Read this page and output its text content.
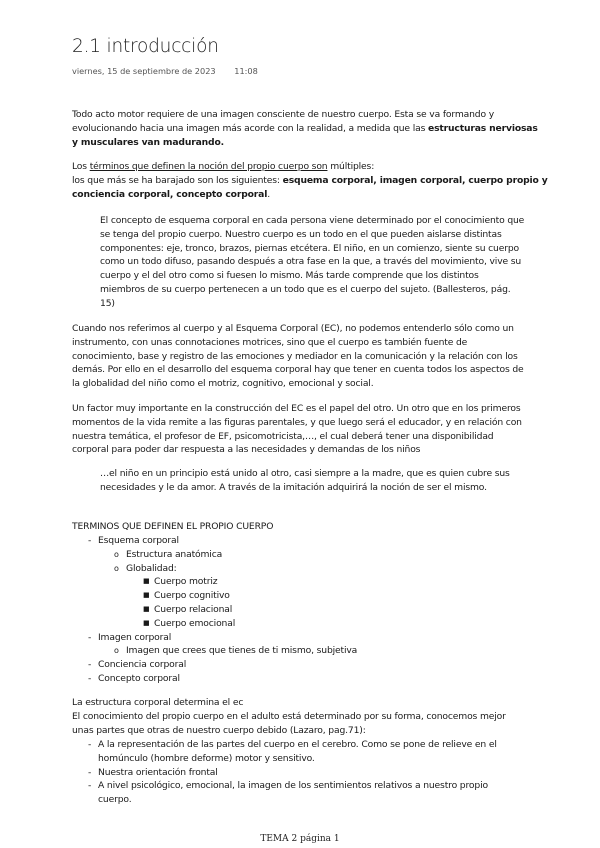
2.1 introducción
viernes, 15 de septiembre de 2023 11:08
Todo acto motor requiere de una imagen consciente de nuestro cuerpo. Esta se va formando y
evolucionando hacia una imagen más acorde con la realidad, a medida que las estructuras nerviosas
y musculares van madurando.
Los términos que definen la noción del propio cuerpo son múltiples:
los que más se ha barajado son los siguientes: esquema corporal, imagen corporal, cuerpo propio y
conciencia corporal, concepto corporal.
El concepto de esquema corporal en cada persona viene determinado por el conocimiento que
se tenga del propio cuerpo. Nuestro cuerpo es un todo en el que pueden aislarse distintas
componentes: eje, tronco, brazos, piernas etcétera. El niño, en un comienzo, siente su cuerpo
como un todo difuso, pasando después a otra fase en la que, a través del movimiento, vive su
cuerpo y el del otro como si fuesen lo mismo. Más tarde comprende que los distintos
miembros de su cuerpo pertenecen a un todo que es el cuerpo del sujeto. (Ballesteros, pág.
15)
Cuando nos referimos al cuerpo y al Esquema Corporal (EC), no podemos entenderlo sólo como un
instrumento, con unas connotaciones motrices, sino que el cuerpo es también fuente de
conocimiento, base y registro de las emociones y mediador en la comunicación y la relación con los
demás. Por ello en el desarrollo del esquema corporal hay que tener en cuenta todos los aspectos de
la globalidad del niño como el motriz, cognitivo, emocional y social.
Un factor muy importante en la construcción del EC es el papel del otro. Un otro que en los primeros
momentos de la vida remite a las figuras parentales, y que luego será el educador, y en relación con
nuestra temática, el profesor de EF, psicomotricista,…, el cual deberá tener una disponibilidad
corporal para poder dar respuesta a las necesidades y demandas de los niños
…el niño en un principio está unido al otro, casi siempre a la madre, que es quien cubre sus
necesidades y le da amor. A través de la imitación adquirirá la noción de ser el mismo.
TERMINOS QUE DEFINEN EL PROPIO CUERPO
- Esquema corporal
o Estructura anatómica
o Globalidad:
■ Cuerpo motriz
■ Cuerpo cognitivo
■ Cuerpo relacional
■ Cuerpo emocional
- Imagen corporal
o Imagen que crees que tienes de ti mismo, subjetiva
- Conciencia corporal
- Concepto corporal
La estructura corporal determina el ec
El conocimiento del propio cuerpo en el adulto está determinado por su forma, conocemos mejor
unas partes que otras de nuestro cuerpo debido (Lazaro, pag.71):
- A la representación de las partes del cuerpo en el cerebro. Como se pone de relieve en el
homúnculo (hombre deforme) motor y sensitivo.
- Nuestra orientación frontal
- A nivel psicológico, emocional, la imagen de los sentimientos relativos a nuestro propio
cuerpo.
TEMA 2 página 1
